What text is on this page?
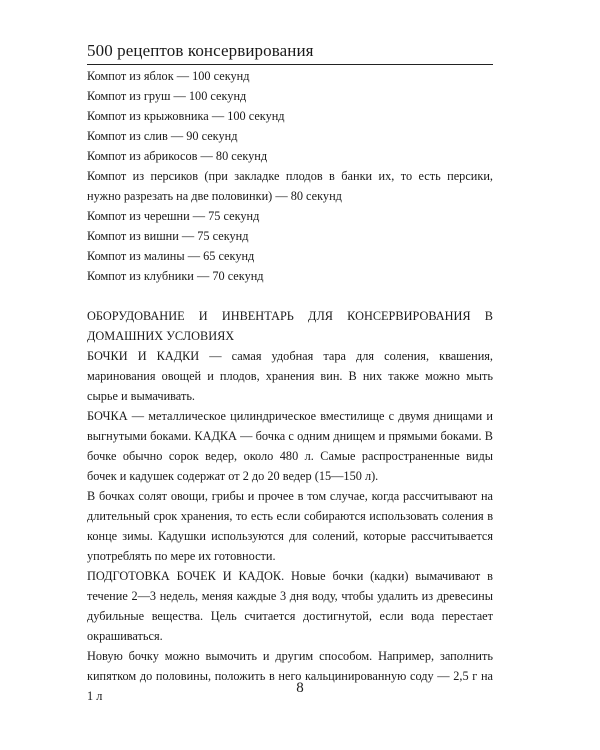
500 рецептов консервирования

Компот из яблок — 100 секунд

Компот из груш — 100 секунд

Компот из крыжовника — 100 секунд

Компот из слив — 90 секунд

Компот из абрикосов — 80 секунд

Компот из персиков (при закладке плодов в банки их, то есть персики, нужно разрезать на две половинки) — 80 секунд

Компот из черешни — 75 секунд

Компот из вишни — 75 секунд

Компот из малины — 65 секунд

Компот из клубники — 70 секунд

ОБОРУДОВАНИЕ И ИНВЕНТАРЬ ДЛЯ КОНСЕРВИРОВАНИЯ В

ДОМАШНИХ УСЛОВИЯХ

БОЧКИ И КАДКИ — самая удобная тара для соления, квашения, маринования овощей и плодов, хранения вин. В них также можно мыть сырье и вымачивать.

БОЧКА — металлическое цилиндрическое вместилище с двумя днищами и выгнутыми боками. КАДКА — бочка с одним днищем и прямыми боками. В бочке обычно сорок ведер, около 480 л. Самые распространенные виды бочек и кадушек содержат от 2 до 20 ведер (15—150 л).

В бочках солят овощи, грибы и прочее в том случае, когда рассчитывают на длительный срок хранения, то есть если собираются использовать соления в конце зимы. Кадушки используются для солений, которые рассчитывается употреблять по мере их готовности.

ПОДГОТОВКА БОЧЕК И КАДОК. Новые бочки (кадки) вымачивают в течение 2—3 недель, меняя каждые 3 дня воду, чтобы удалить из древесины дубильные вещества. Цель считается достигнутой, если вода перестает окрашиваться.

Новую бочку можно вымочить и другим способом. Например, заполнить кипятком до половины, положить в него кальцинированную соду — 2,5 г на 1 л	8
